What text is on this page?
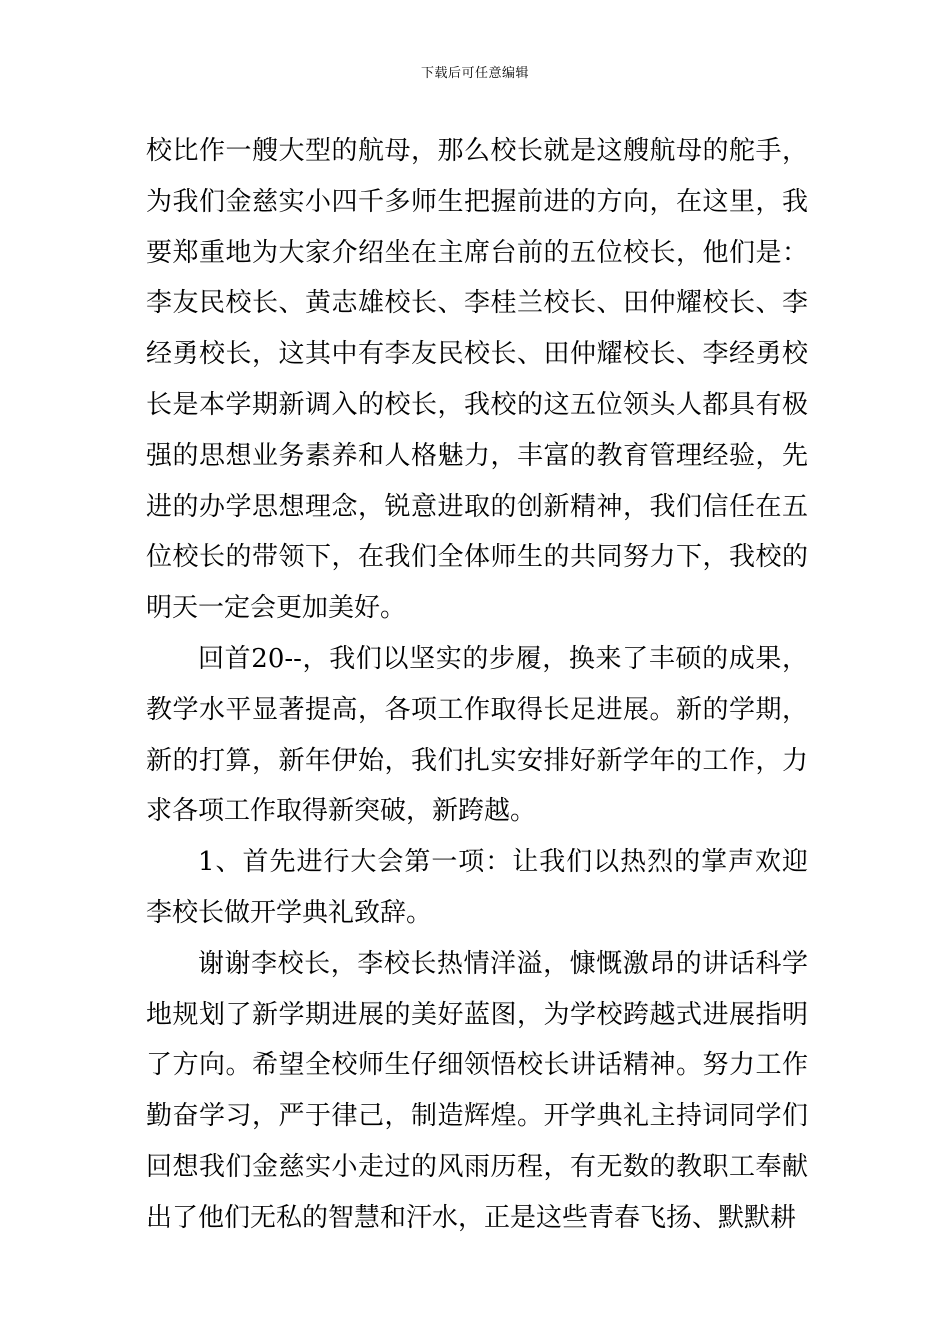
下载后可任意编辑

校比作一艘大型的航母，那么校长就是这艘航母的舵手，为我们金慈实小四千多师生把握前进的方向，在这里，我要郑重地为大家介绍坐在主席台前的五位校长，他们是：李友民校长、黄志雄校长、李桂兰校长、田仲耀校长、李经勇校长，这其中有李友民校长、田仲耀校长、李经勇校长是本学期新调入的校长，我校的这五位领头人都具有极强的思想业务素养和人格魅力，丰富的教育管理经验，先进的办学思想理念，锐意进取的创新精神，我们信任在五位校长的带领下，在我们全体师生的共同努力下，我校的明天一定会更加美好。

回首20--，我们以坚实的步履，换来了丰硕的成果，教学水平显著提高，各项工作取得长足进展。新的学期，新的打算，新年伊始，我们扎实安排好新学年的工作，力求各项工作取得新突破，新跨越。

1、首先进行大会第一项：让我们以热烈的掌声欢迎李校长做开学典礼致辞。

谢谢李校长，李校长热情洋溢，慷慨激昂的讲话科学地规划了新学期进展的美好蓝图，为学校跨越式进展指明了方向。希望全校师生仔细领悟校长讲话精神。努力工作勤奋学习，严于律己，制造辉煌。开学典礼主持词同学们回想我们金慈实小走过的风雨历程，有无数的教职工奉献出了他们无私的智慧和汗水，正是这些青春飞扬、默默耕
